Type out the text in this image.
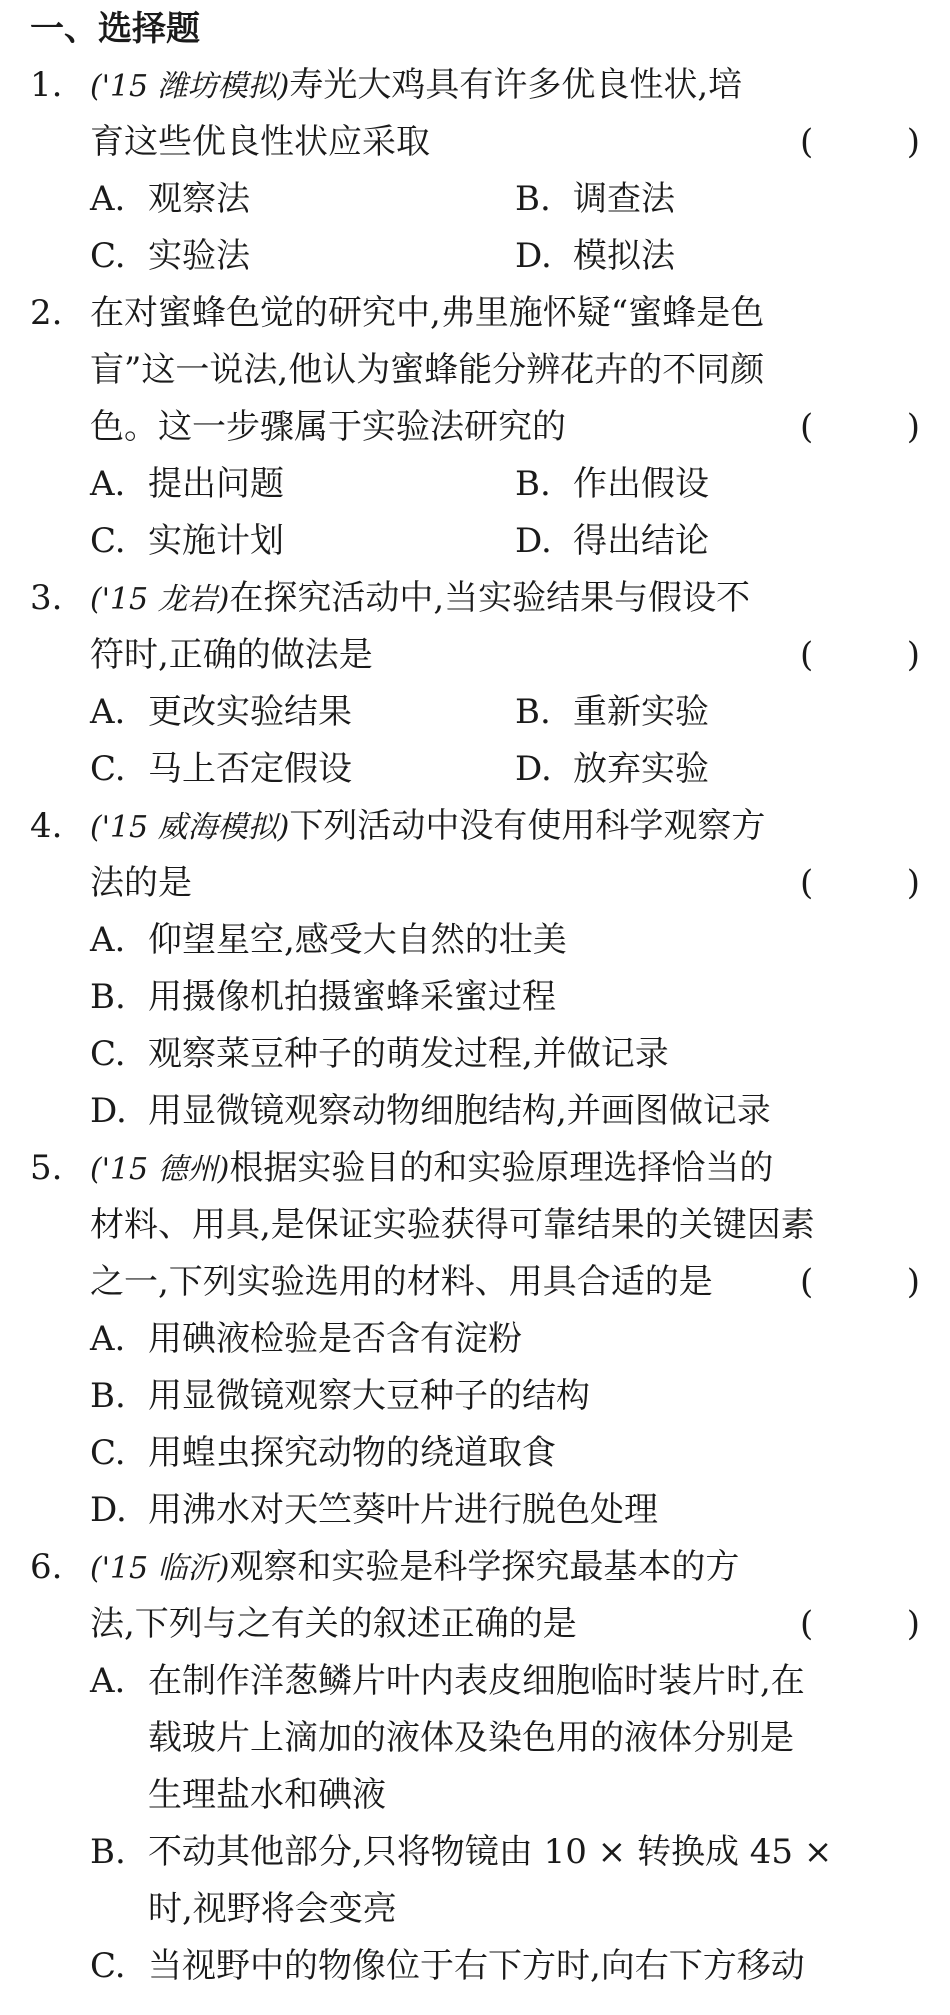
一、选择题
1. ('15 潍坊模拟)寿光大鸡具有许多优良性状,培
育这些优良性状应采取	(	)
A. 观察法	B. 调查法
C. 实验法	D. 模拟法
2. 在对蜜蜂色觉的研究中,弗里施怀疑“蜜蜂是色
盲”这一说法,他认为蜜蜂能分辨花卉的不同颜
色。这一步骤属于实验法研究的	(	)
A. 提出问题	B. 作出假设
C. 实施计划	D. 得出结论
3. ('15 龙岩)在探究活动中,当实验结果与假设不
符时,正确的做法是	(	)
A. 更改实验结果	B. 重新实验
C. 马上否定假设	D. 放弃实验
4. ('15 威海模拟)下列活动中没有使用科学观察方
法的是	(	)
A. 仰望星空,感受大自然的壮美
B. 用摄像机拍摄蜜蜂采蜜过程
C. 观察菜豆种子的萌发过程,并做记录
D. 用显微镜观察动物细胞结构,并画图做记录
5. ('15 德州)根据实验目的和实验原理选择恰当的
材料、用具,是保证实验获得可靠结果的关键因素
之一,下列实验选用的材料、用具合适的是	(	)
A. 用碘液检验是否含有淀粉
B. 用显微镜观察大豆种子的结构
C. 用蝗虫探究动物的绕道取食
D. 用沸水对天竺葵叶片进行脱色处理
6. ('15 临沂)观察和实验是科学探究最基本的方
法,下列与之有关的叙述正确的是	(	)
A. 在制作洋葱鳞片叶内表皮细胞临时装片时,在
载玻片上滴加的液体及染色用的液体分别是
生理盐水和碘液
B. 不动其他部分,只将物镜由 10 × 转换成 45 ×
时,视野将会变亮
C. 当视野中的物像位于右下方时,向右下方移动
